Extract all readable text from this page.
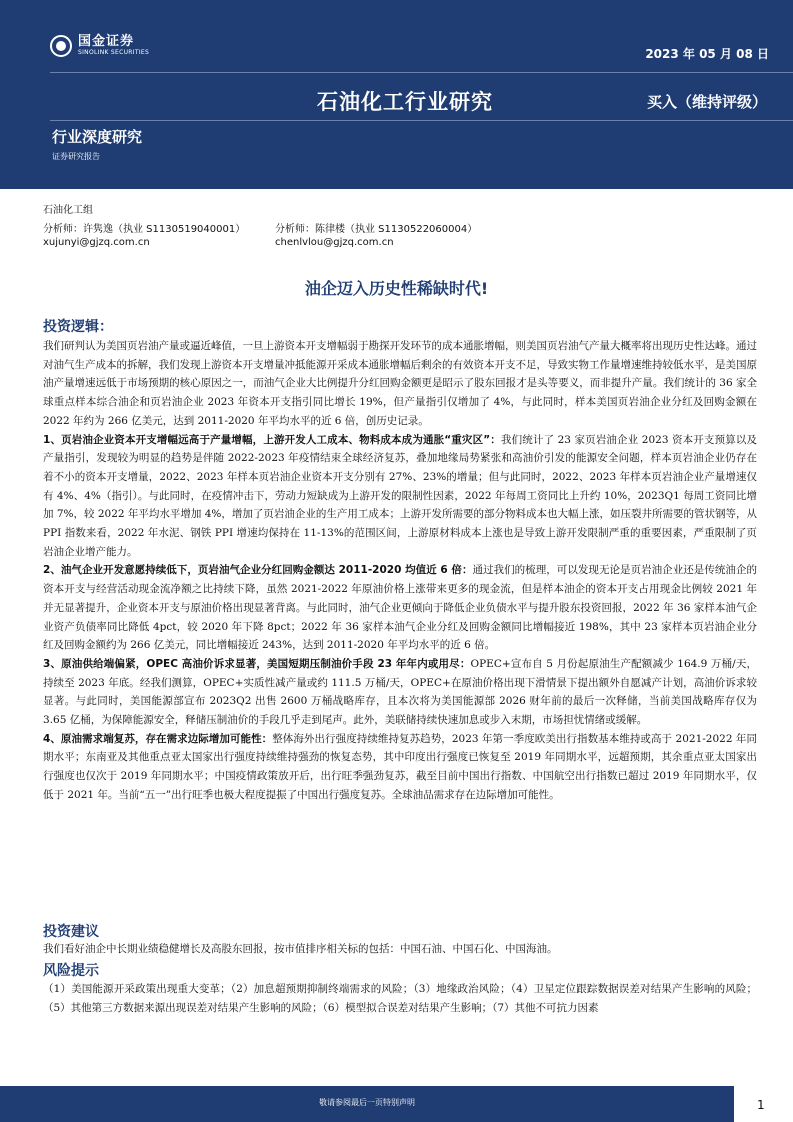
国金证券
SINOLINK SECURITIES	2023 年 05 月 08 日
石油化工行业研究	买入（维持评级）
行业深度研究
证券研究报告
石油化工组
分析师：许隽逸（执业 S1130519040001）	分析师：陈律楼（执业 S1130522060004）
xujunyi@gjzq.com.cn	chenlvlou@gjzq.com.cn
油企迈入历史性稀缺时代!
投资逻辑：

我们研判认为美国页岩油产量或逼近峰值，一旦上游资本开支增幅弱于勘探开发环节的成本通胀增幅，则美国页岩油气产量大概率将出现历史性达峰。通过对油气生产成本的拆解，我们发现上游资本开支增量冲抵能源开采成本通胀增幅后剩余的有效资本开支不足，导致实物工作量增速维持较低水平，是美国原油产量增速远低于市场预期的核心原因之一，而油气企业大比例提升分红回购金额更是昭示了股东回报才是头等要义，而非提升产量。我们统计的 36 家全球重点样本综合油企和页岩油企业 2023 年资本开支指引同比增长 19%，但产量指引仅增加了 4%，与此同时，样本美国页岩油企业分红及回购金额在 2022 年约为 266 亿美元，达到 2011-2020 年平均水平的近 6 倍，创历史记录。

1、页岩油企业资本开支增幅远高于产量增幅，上游开发人工成本、物料成本成为通胀“重灾区”：我们统计了 23 家页岩油企业 2023 资本开支预算以及产量指引，发现较为明显的趋势是伴随 2022-2023 年疫情结束全球经济复苏，叠加地缘局势紧张和高油价引发的能源安全问题，样本页岩油企业仍存在着不小的资本开支增量，2022、2023 年样本页岩油企业资本开支分别有 27%、23%的增量；但与此同时，2022、2023 年样本页岩油企业产量增速仅有 4%、4%（指引）。与此同时，在疫情冲击下，劳动力短缺成为上游开发的限制性因素，2022 年每周工资同比上升约 10%，2023Q1 每周工资同比增加 7%，较 2022 年平均水平增加 4%，增加了页岩油企业的生产用工成本；上游开发所需要的部分物料成本也大幅上涨，如压裂井所需要的管状钢等，从 PPI 指数来看，2022 年水泥、钢铁 PPI 增速均保持在 11-13%的范围区间，上游原材料成本上涨也是导致上游开发限制严重的重要因素，严重限制了页岩油企业增产能力。

2、油气企业开发意愿持续低下，页岩油气企业分红回购金额达 2011-2020 均值近 6 倍：通过我们的梳理，可以发现无论是页岩油企业还是传统油企的资本开支与经营活动现金流净额之比持续下降，虽然 2021-2022 年原油价格上涨带来更多的现金流，但是样本油企的资本开支占用现金比例较 2021 年并无显著提升，企业资本开支与原油价格出现显著背离。与此同时，油气企业更倾向于降低企业负债水平与提升股东投资回报，2022 年 36 家样本油气企业资产负债率同比降低 4pct，较 2020 年下降 8pct；2022 年 36 家样本油气企业分红及回购金额同比增幅接近 198%，其中 23 家样本页岩油企业分红及回购金额约为 266 亿美元，同比增幅接近 243%，达到 2011-2020 年平均水平的近 6 倍。

3、原油供给端偏紧，OPEC 高油价诉求显著，美国短期压制油价手段 23 年年内或用尽：OPEC+宣布自 5 月份起原油生产配额减少 164.9 万桶/天，持续至 2023 年底。经我们测算，OPEC+实质性减产量或约 111.5 万桶/天，OPEC+在原油价格出现下滑情景下提出额外自愿减产计划，高油价诉求较显著。与此同时，美国能源部宣布 2023Q2 出售 2600 万桶战略库存，且本次将为美国能源部 2026 财年前的最后一次释储，当前美国战略库存仅为 3.65 亿桶，为保障能源安全，释储压制油价的手段几乎走到尾声。此外，美联储持续快速加息或步入末期，市场担忧情绪或缓解。

4、原油需求端复苏，存在需求边际增加可能性：整体海外出行强度持续维持复苏趋势，2023 年第一季度欧美出行指数基本维持或高于 2021-2022 年同期水平；东南亚及其他重点亚太国家出行强度持续维持强劲的恢复态势，其中印度出行强度已恢复至 2019 年同期水平，远超预期，其余重点亚太国家出行强度也仅次于 2019 年同期水平；中国疫情政策放开后，出行旺季强劲复苏，截至目前中国出行指数、中国航空出行指数已超过 2019 年同期水平，仅低于 2021 年。当前“五一”出行旺季也极大程度提振了中国出行强度复苏。全球油品需求存在边际增加可能性。

投资建议
我们看好油企中长期业绩稳健增长及高股东回报，按市值排序相关标的包括：中国石油、中国石化、中国海油。
风险提示
（1）美国能源开采政策出现重大变革；（2）加息超预期抑制终端需求的风险；（3）地缘政治风险；（4）卫星定位跟踪数据误差对结果产生影响的风险；（5）其他第三方数据来源出现误差对结果产生影响的风险；（6）模型拟合误差对结果产生影响；（7）其他不可抗力因素
敬请参阅最后一页特别声明	1
